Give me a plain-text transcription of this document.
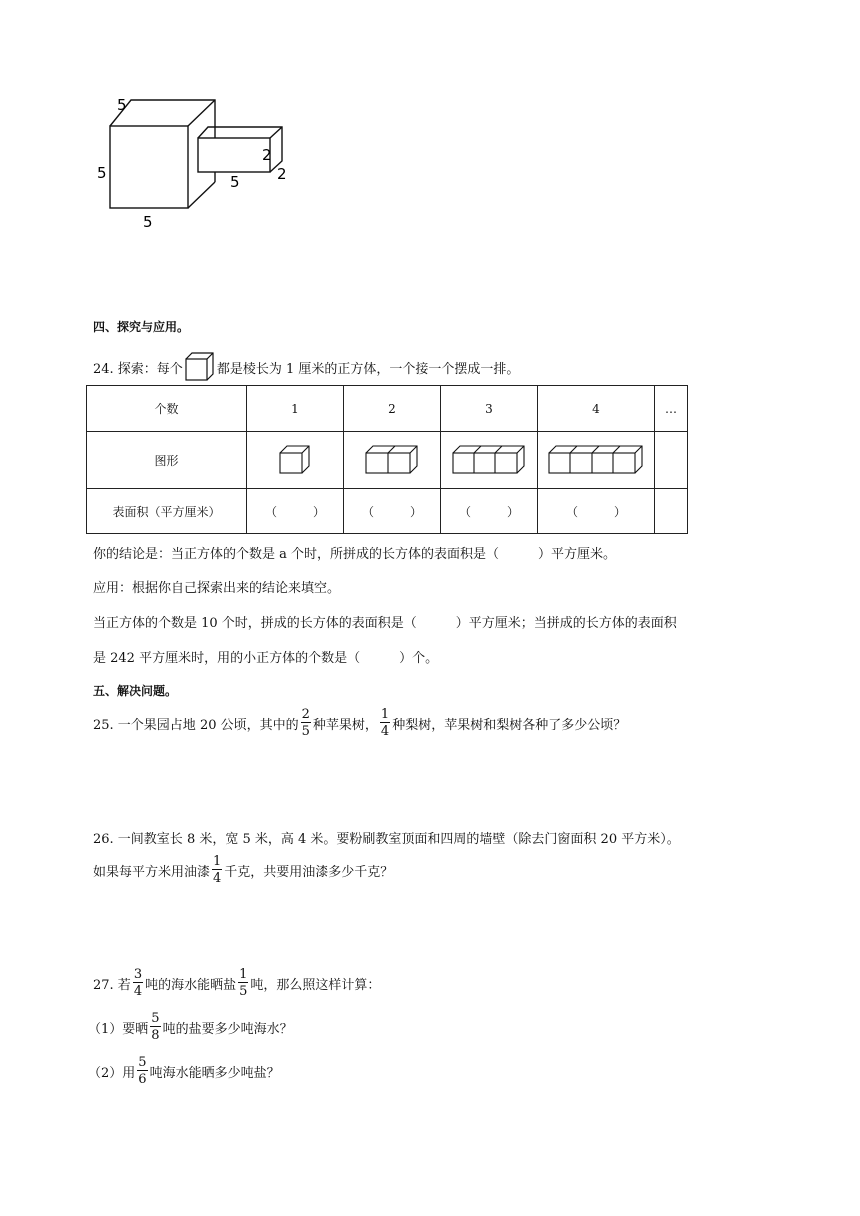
5
5
5
2
5 2
四、探究与应用。
24. 探索：每个	都是棱长为 1 厘米的正方体，一个接一个摆成一排。
个数	1	2	3	4	…
图形	

表面积（平方厘米）	（　　　）	（　　　）	（　　　）	（　　　）	
你的结论是：当正方体的个数是 a 个时，所拼成的长方体的表面积是（　　　）平方厘米。
应用：根据你自己探索出来的结论来填空。
当正方体的个数是 10 个时，拼成的长方体的表面积是（　　　）平方厘米；当拼成的长方体的表面积
是 242 平方厘米时，用的小正方体的个数是（　　　）个。
五、解决问题。
25. 一个果园占地 20 公顷，其中的 $\frac{2}{5}$ 种苹果树， $\frac{1}{4}$ 种梨树，苹果树和梨树各种了多少公顷？
26. 一间教室长 8 米，宽 5 米，高 4 米。要粉刷教室顶面和四周的墙壁（除去门窗面积 20 平方米）。
如果每平方米用油漆 $\frac{1}{4}$ 千克，共要用油漆多少千克？
27. 若 $\frac{3}{4}$ 吨的海水能晒盐 $\frac{1}{5}$ 吨，那么照这样计算：
（1）要晒 $\frac{5}{8}$ 吨的盐要多少吨海水？
（2）用 $\frac{5}{6}$ 吨海水能晒多少吨盐？
